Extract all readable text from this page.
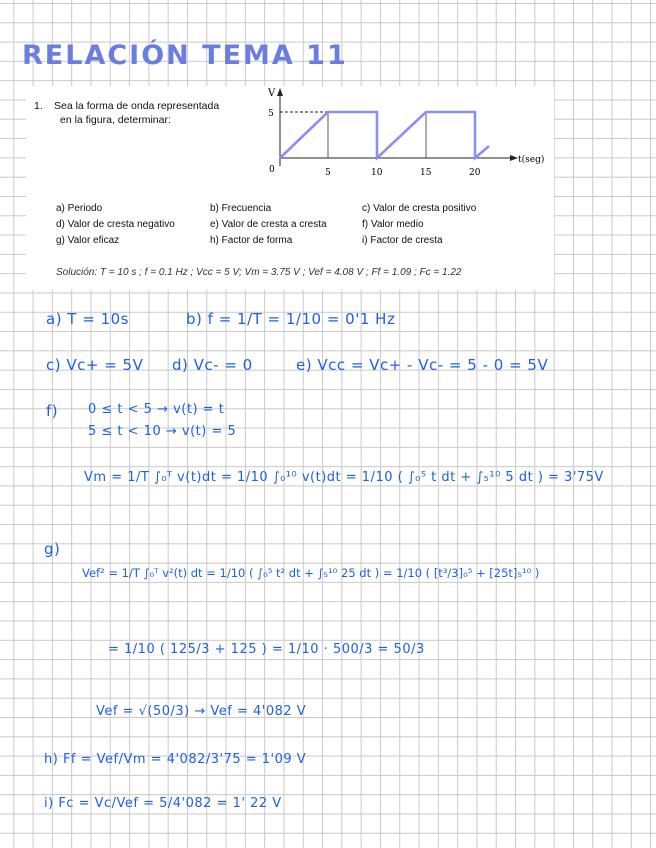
RELACIÓN TEMA 11
1. Sea la forma de onda representada
en la figura, determinar:
V
5
0	5	10	15	20
t(seg)
a) Periodo	b) Frecuencia	c) Valor de cresta positivo
d) Valor de cresta negativo	e) Valor de cresta a cresta	f) Valor medio
g) Valor eficaz	h) Factor de forma	i) Factor de cresta
Solución: T = 10 s ; f = 0.1 Hz ; Vcc = 5 V; Vm = 3.75 V ; Vef = 4.08 V ; Ff = 1.09 ; Fc = 1.22
a) T = 10s	b) f = 1/T = 1/10 = 0'1 Hz
c) Vc+ = 5V d) Vc- = 0	e) Vcc = Vc+ - Vc- = 5 - 0 = 5V
f) 0 ≤ t < 5 → v(t) = t
5 ≤ t < 10 → v(t) = 5
Vm = 1/T ∫₀ᵀ v(t)dt = 1/10 ∫₀¹⁰ v(t)dt = 1/10 ( ∫₀⁵ t dt + ∫₅¹⁰ 5 dt ) = 3'75V
g)
Vef² = 1/T ∫₀ᵀ v²(t) dt = 1/10 ( ∫₀⁵ t² dt + ∫₅¹⁰ 25 dt ) = 1/10 ( [t³/3]₀⁵ + [25t]₅¹⁰ )
= 1/10 ( 125/3 + 125 ) = 1/10 · 500/3 = 50/3
Vef = √(50/3) → Vef = 4'082 V
h) Ff = Vef/Vm = 4'082/3'75 = 1'09 V
i) Fc = Vc/Vef = 5/4'082 = 1' 22 V
